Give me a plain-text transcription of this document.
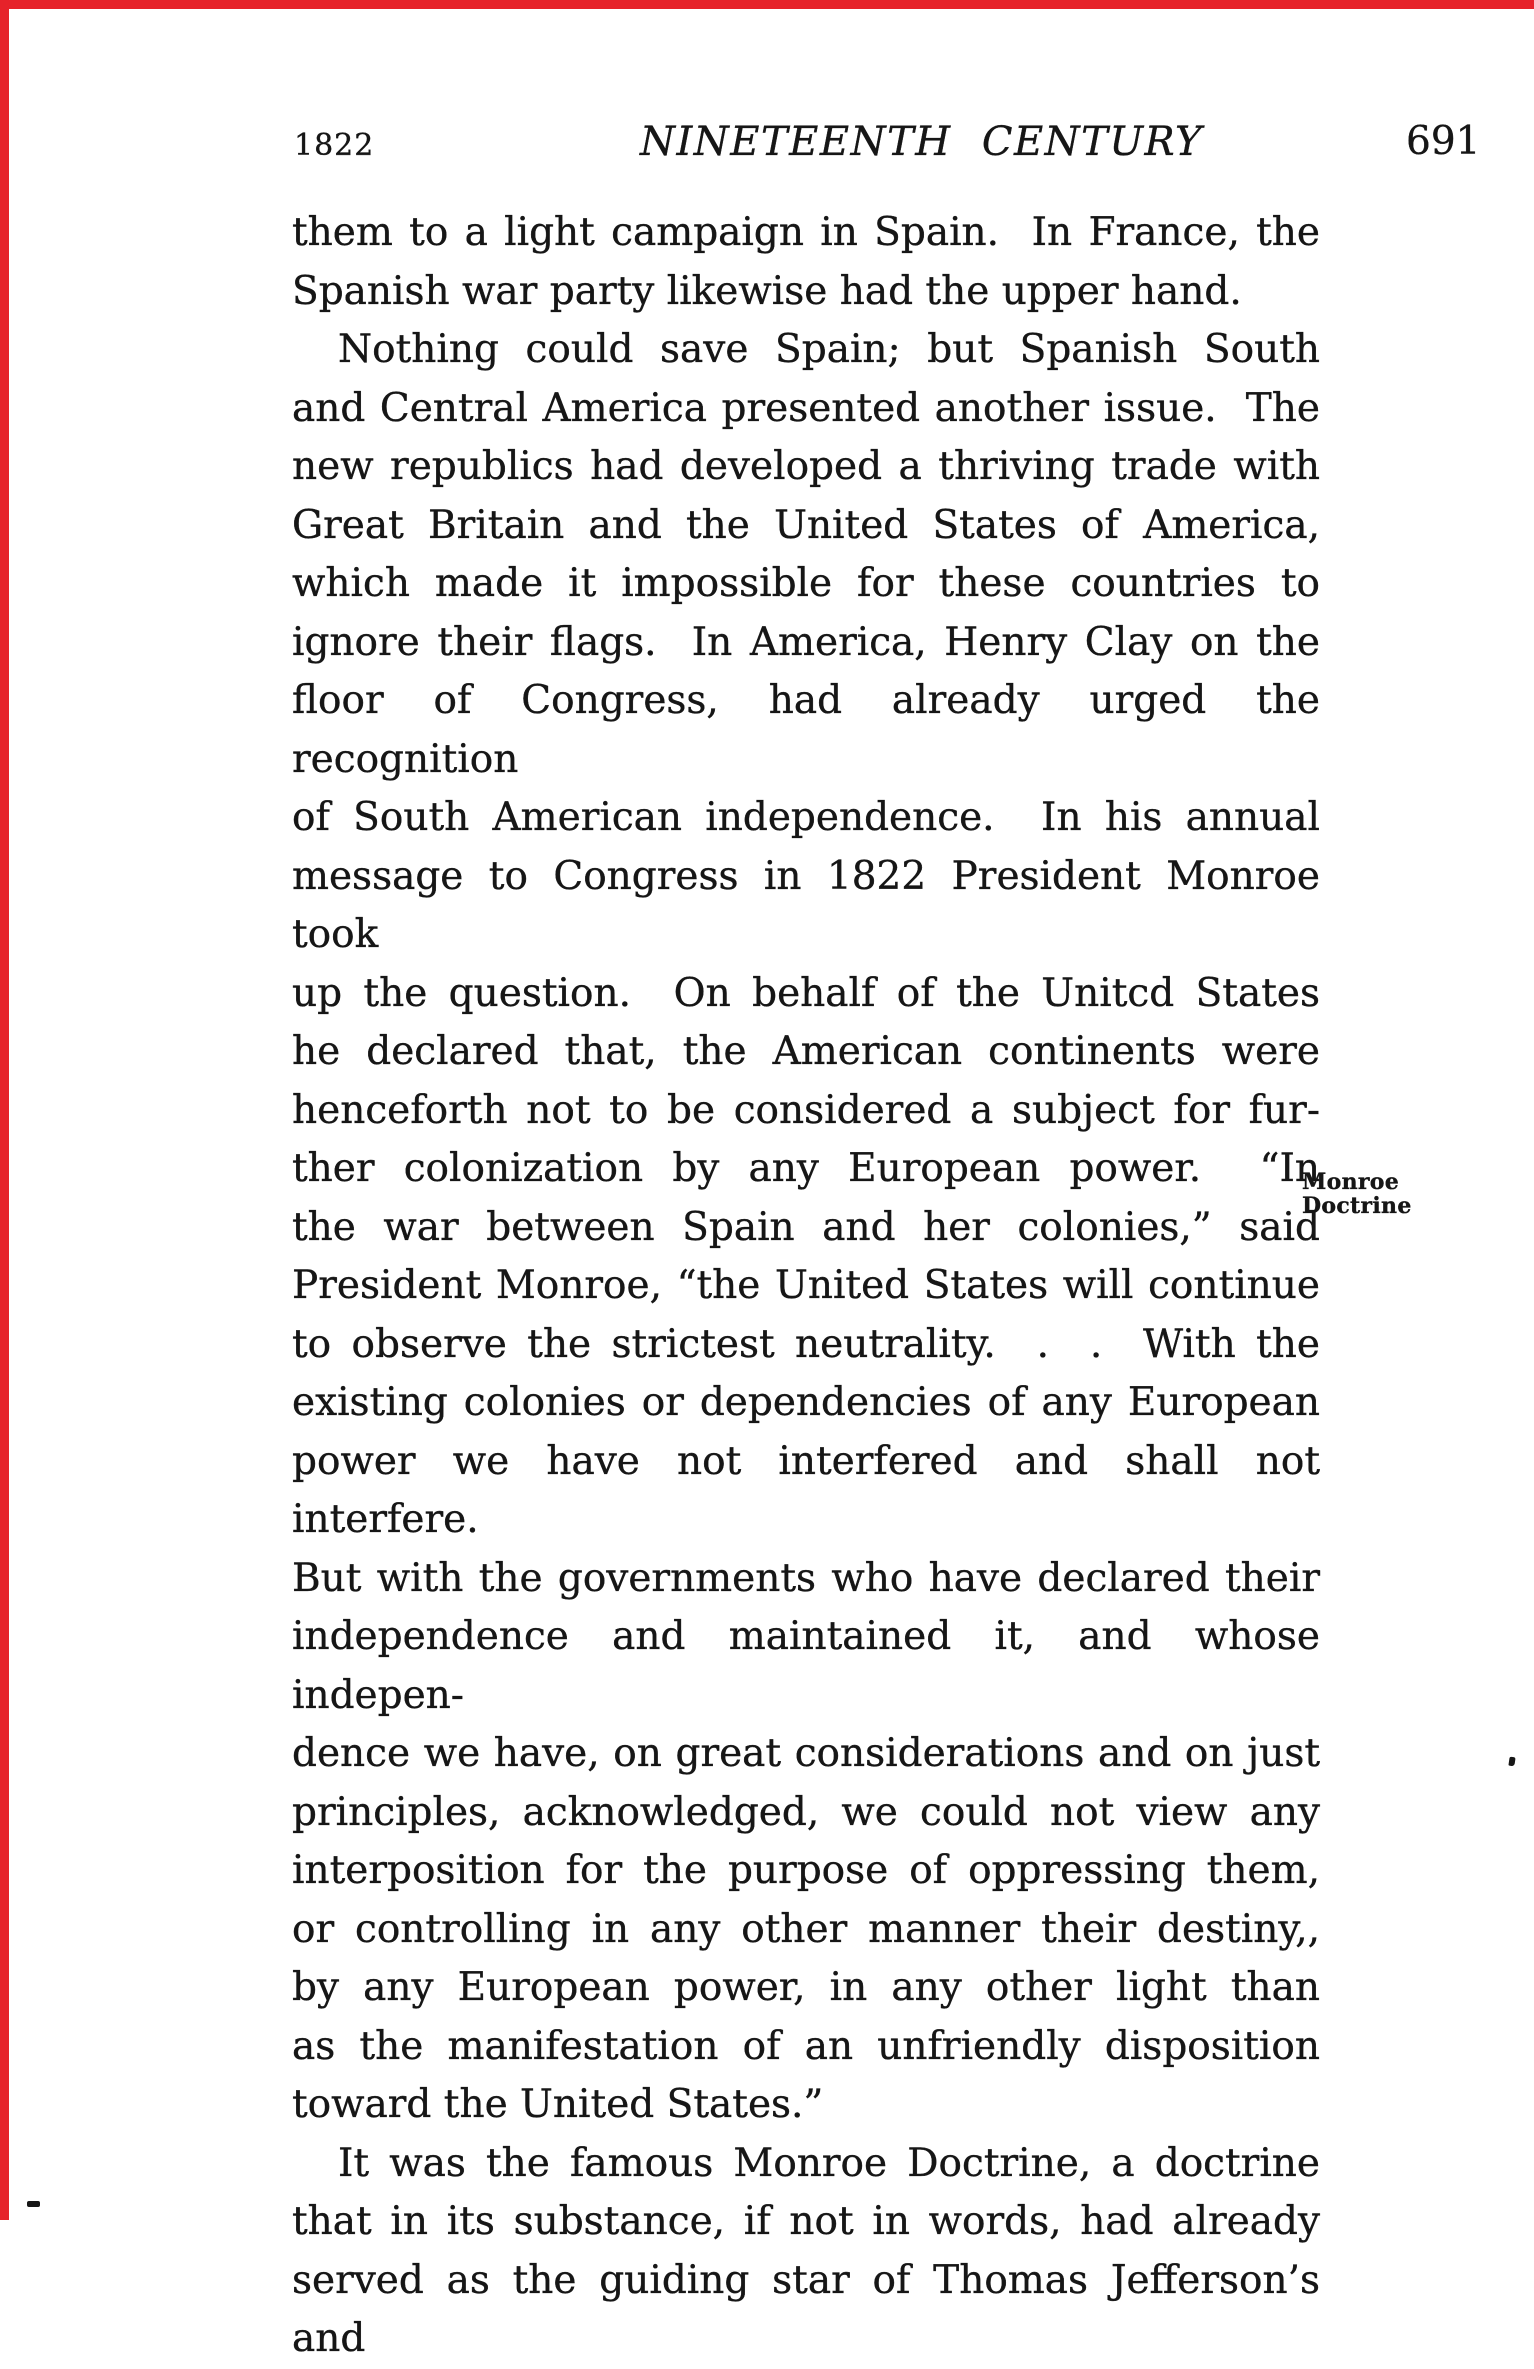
1822	NINETEENTH CENTURY	691
them to a light campaign in Spain.  In France, the
Spanish war party likewise had the upper hand.
Nothing could save Spain; but Spanish South
and Central America presented another issue.  The
new republics had developed a thriving trade with
Great Britain and the United States of America,
which made it impossible for these countries to
ignore their flags.  In America, Henry Clay on the
floor of Congress, had already urged the recognition
of South American independence.  In his annual
message to Congress in 1822 President Monroe took
up the question.  On behalf of the Unitcd States
he declared that, the American continents were
henceforth not to be considered a subject for fur-
ther colonization by any European power.  “In
the war between Spain and her colonies,” said
President Monroe, “the United States will continue
to observe the strictest neutrality.  .  .  With the
existing colonies or dependencies of any European
power we have not interfered and shall not interfere.
But with the governments who have declared their
independence and maintained it, and whose indepen-
dence we have, on great considerations and on just
principles, acknowledged, we could not view any
interposition for the purpose of oppressing them,
or controlling in any other manner their destiny,,
by any European power, in any other light than
as the manifestation of an unfriendly disposition
toward the United States.”
It was the famous Monroe Doctrine, a doctrine
that in its substance, if not in words, had already
served as the guiding star of Thomas Jefferson’s and
Monroe
Doctrine
